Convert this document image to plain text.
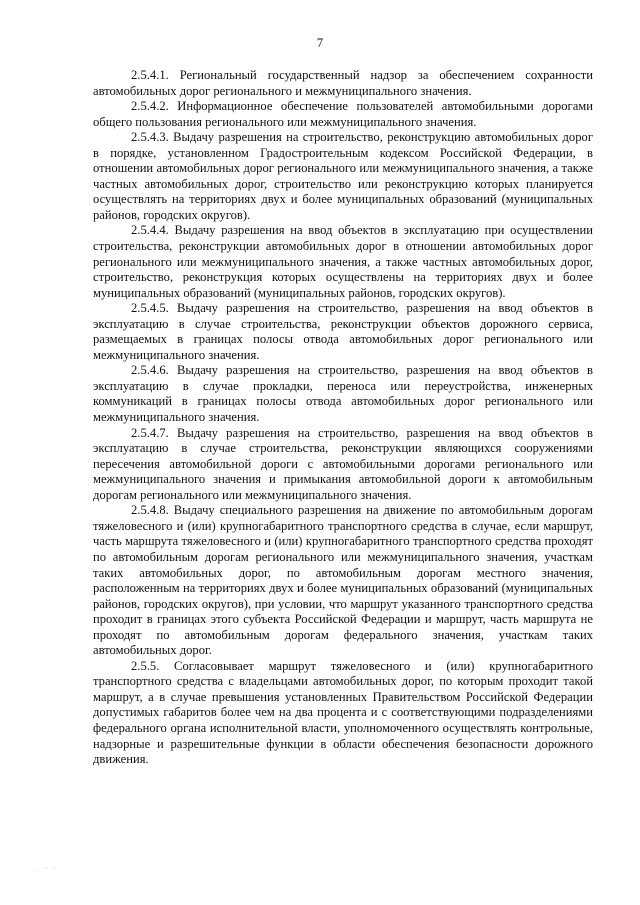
7

2.5.4.1. Региональный государственный надзор за обеспечением сохранности автомобильных дорог регионального и межмуниципального значения.

2.5.4.2. Информационное обеспечение пользователей автомобильными дорогами общего пользования регионального или межмуниципального значения.

2.5.4.3. Выдачу разрешения на строительство, реконструкцию автомобильных дорог в порядке, установленном Градостроительным кодексом Российской Федерации, в отношении автомобильных дорог регионального или межмуниципального значения, а также частных автомобильных дорог, строительство или реконструкцию которых планируется осуществлять на территориях двух и более муниципальных образований (муниципальных районов, городских округов).

2.5.4.4. Выдачу разрешения на ввод объектов в эксплуатацию при осуществлении строительства, реконструкции автомобильных дорог в отношении автомобильных дорог регионального или межмуниципального значения, а также частных автомобильных дорог, строительство, реконструкция которых осуществлены на территориях двух и более муниципальных образований (муниципальных районов, городских округов).

2.5.4.5. Выдачу разрешения на строительство, разрешения на ввод объектов в эксплуатацию в случае строительства, реконструкции объектов дорожного сервиса, размещаемых в границах полосы отвода автомобильных дорог регионального или межмуниципального значения.

2.5.4.6. Выдачу разрешения на строительство, разрешения на ввод объектов в эксплуатацию в случае прокладки, переноса или переустройства, инженерных коммуникаций в границах полосы отвода автомобильных дорог регионального или межмуниципального значения.

2.5.4.7. Выдачу разрешения на строительство, разрешения на ввод объектов в эксплуатацию в случае строительства, реконструкции являющихся сооружениями пересечения автомобильной дороги с автомобильными дорогами регионального или межмуниципального значения и примыкания автомобильной дороги к автомобильным дорогам регионального или межмуниципального значения.

2.5.4.8. Выдачу специального разрешения на движение по автомобильным дорогам тяжеловесного и (или) крупногабаритного транспортного средства в случае, если маршрут, часть маршрута тяжеловесного и (или) крупногабаритного транспортного средства проходят по автомобильным дорогам регионального или межмуниципального значения, участкам таких автомобильных дорог, по автомобильным дорогам местного значения, расположенным на территориях двух и более муниципальных образований (муниципальных районов, городских округов), при условии, что маршрут указанного транспортного средства проходит в границах этого субъекта Российской Федерации и маршрут, часть маршрута не проходят по автомобильным дорогам федерального значения, участкам таких автомобильных дорог.

2.5.5. Согласовывает маршрут тяжеловесного и (или) крупногабаритного транспортного средства с владельцами автомобильных дорог, по которым проходит такой маршрут, а в случае превышения установленных Правительством Российской Федерации допустимых габаритов более чем на два процента и с соответствующими подразделениями федерального органа исполнительной власти, уполномоченного осуществлять контрольные, надзорные и разрешительные функции в области обеспечения безопасности дорожного движения.

· ˙˙ ¨
